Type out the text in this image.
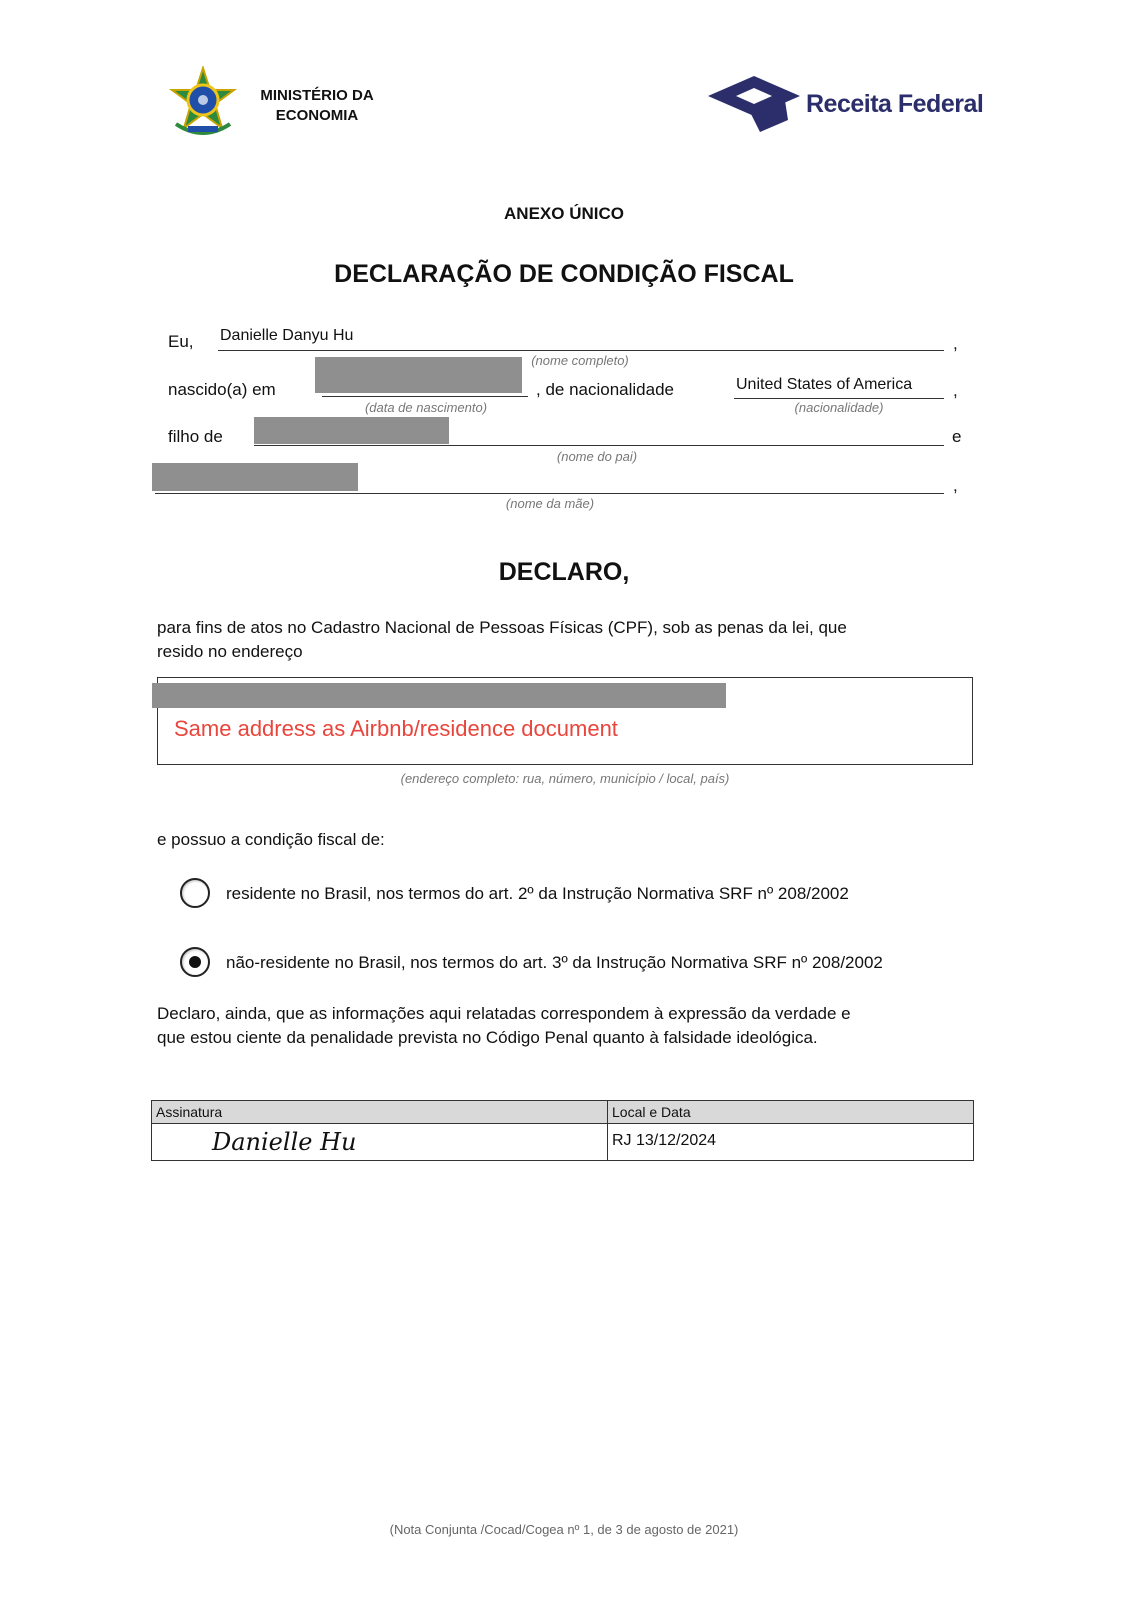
MINISTÉRIO DA
ECONOMIA	Receita Federal
ANEXO ÚNICO
DECLARAÇÃO DE CONDIÇÃO FISCAL
Eu, Danielle Danyu Hu	,
(nome completo)
nascido(a) em
(data de nascimento)
, de nacionalidade	United States of America ,
(nacionalidade)
filho de	e
(nome do pai)
,
(nome da mãe)
DECLARO,
para fins de atos no Cadastro Nacional de Pessoas Físicas (CPF), sob as penas da lei, que
resido no endereço
Same address as Airbnb/residence document
(endereço completo: rua, número, município / local, país)
e possuo a condição fiscal de:
residente no Brasil, nos termos do art. 2º da Instrução Normativa SRF nº 208/2002
não-residente no Brasil, nos termos do art. 3º da Instrução Normativa SRF nº 208/2002
Declaro, ainda, que as informações aqui relatadas correspondem à expressão da verdade e
que estou ciente da penalidade prevista no Código Penal quanto à falsidade ideológica.
Assinatura	Local e Data
Danielle Hu	RJ 13/12/2024
(Nota Conjunta /Cocad/Cogea nº 1, de 3 de agosto de 2021)
